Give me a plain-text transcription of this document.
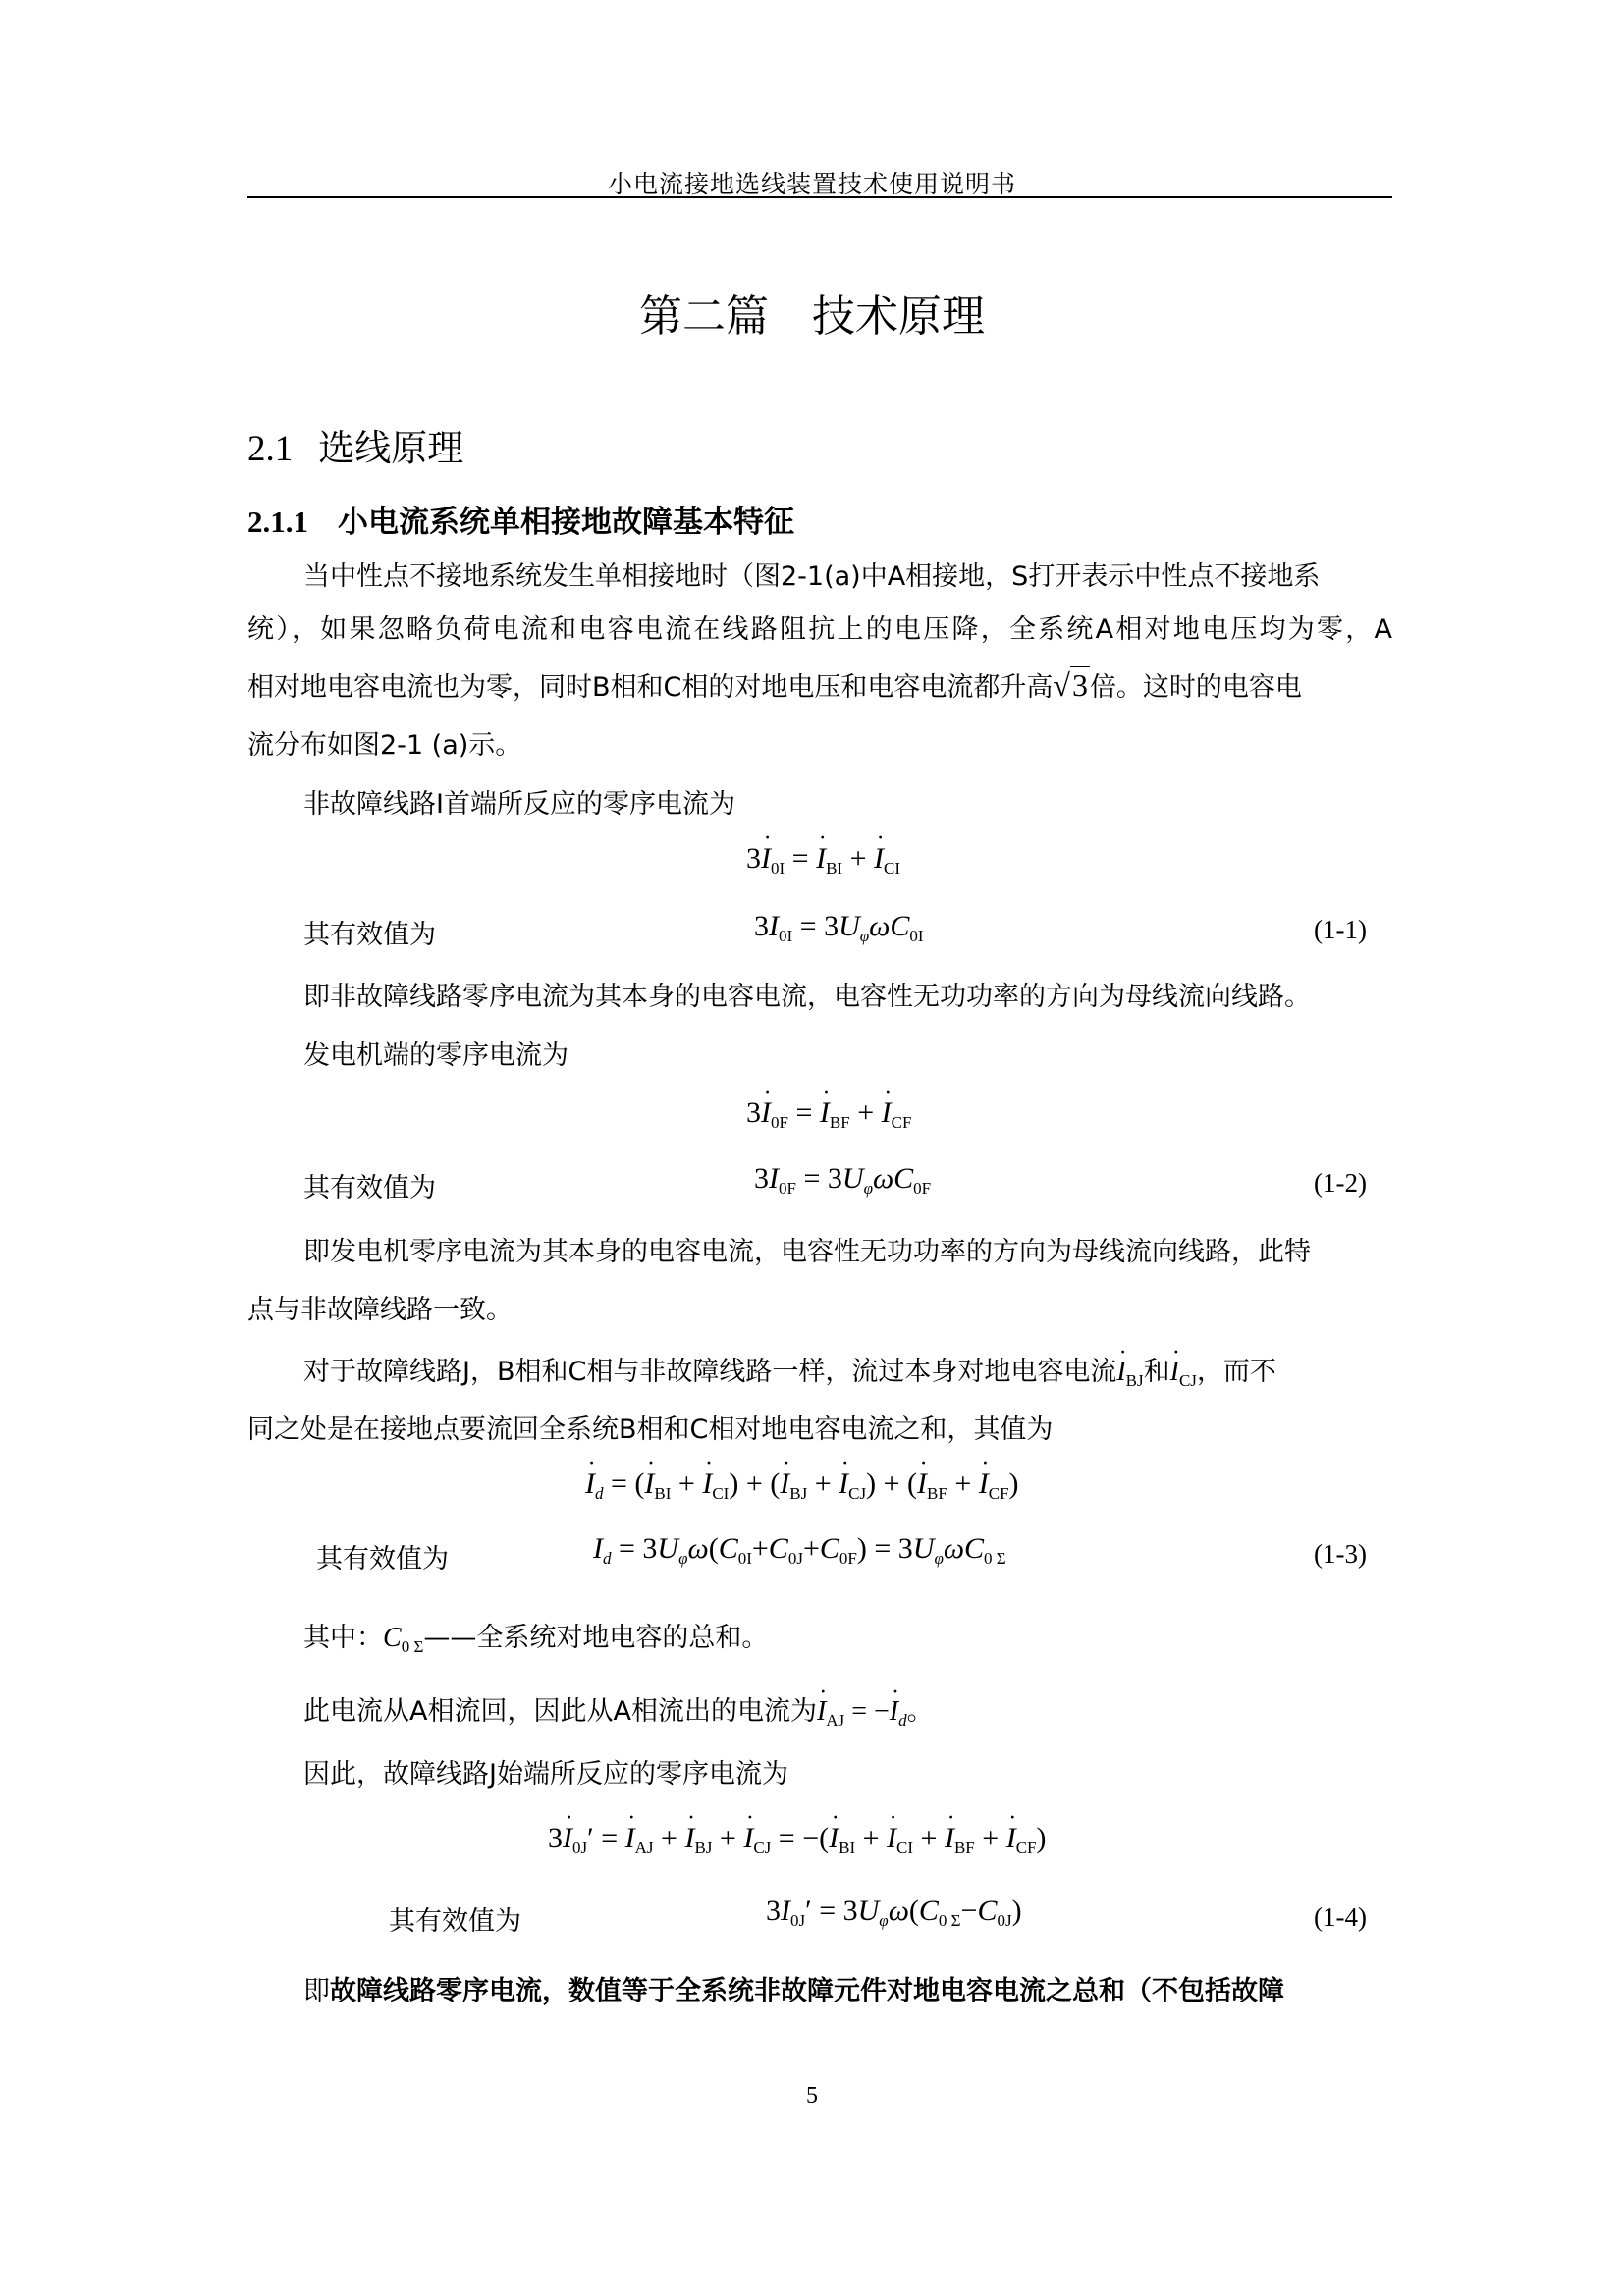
小电流接地选线装置技术使用说明书
第二篇　技术原理
2.1 选线原理
2.1.1 小电流系统单相接地故障基本特征
当中性点不接地系统发生单相接地时（图2-1(a)中A相接地，S打开表示中性点不接地系
统），如果忽略负荷电流和电容电流在线路阻抗上的电压降，全系统A相对地电压均为零，A
相对地电容电流也为零，同时B相和C相的对地电压和电容电流都升高√3倍。这时的电容电
流分布如图2-1 (a)示。
非故障线路I首端所反应的零序电流为
$3\cdot I_{0I}$ = · $I_{BI}$ + · $I_{CI}$
其有效值为	$3I_{0I} = 3U_\varphi\omega C_{0I}$	(1-1)
即非故障线路零序电流为其本身的电容电流，电容性无功功率的方向为母线流向线路。
发电机端的零序电流为
$3\cdot I_{0F}$ = · $I_{BF}$ + · $I_{CF}$
其有效值为	$3I_{0F} = 3U_\varphi\omega C_{0F}$	(1-2)
即发电机零序电流为其本身的电容电流，电容性无功功率的方向为母线流向线路，此特
点与非故障线路一致。
对于故障线路J，B相和C相与非故障线路一样，流过本身对地电容电流· $I_{BJ}$和· $I_{CJ}$，而不
同之处是在接地点要流回全系统B相和C相对地电容电流之和，其值为
· $I_d$ = (· $I_{BI}$ + · $I_{CI}$) + (· $I_{BJ}$ + · $I_{CJ}$) + (· $I_{BF}$ + · $I_{CF}$)
其有效值为	$I_d = 3U_\varphi\omega(C_{0I}+C_{0J}+C_{0F}) = 3U_\varphi\omega C_{0 \Sigma}$	(1-3)
其中：$C_{0 \Sigma}——$全系统对地电容的总和。
此电流从A相流回，因此从A相流出的电流为· $I_{AJ}$ = −· $I_d$。
因此，故障线路J始端所反应的零序电流为
$3\cdot I_{0J}'$ = · $I_{AJ}$ + · $I_{BJ}$ + · $I_{CJ}$ = −(· $I_{BI}$ + · $I_{CI}$ + · $I_{BF}$ + · $I_{CF}$)
其有效值为	$3I_{0J}' = 3U_\varphi\omega(C_{0 \Sigma}-C_{0J})$	(1-4)
即故障线路零序电流，数值等于全系统非故障元件对地电容电流之总和（不包括故障
5
